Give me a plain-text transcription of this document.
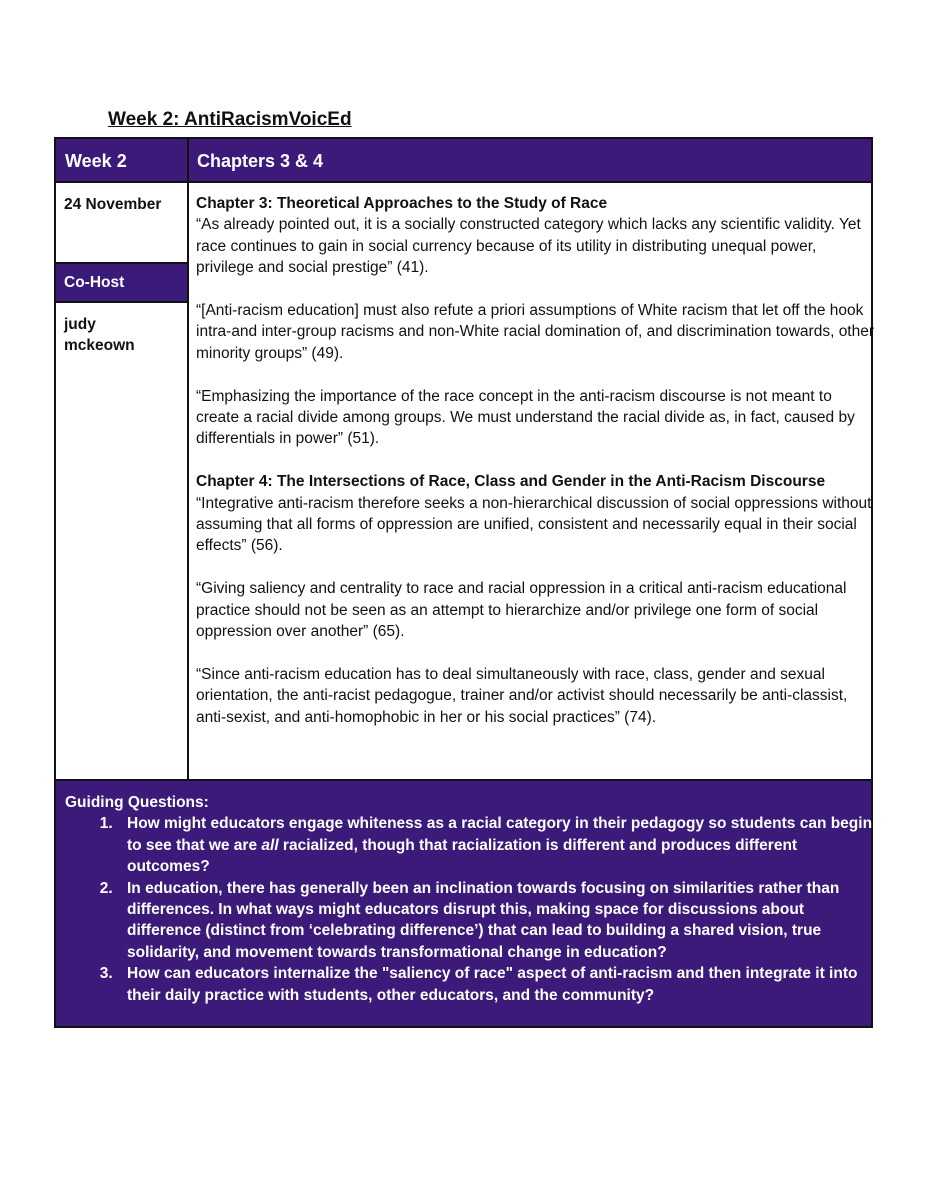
Week 2: AntiRacismVoicEd
Week 2	Chapters 3 & 4
24 November
Co-Host
judy mckeown

Chapter 3: Theoretical Approaches to the Study of Race

“As already pointed out, it is a socially constructed category which lacks any scientific validity. Yet race continues to gain in social currency because of its utility in distributing unequal power, privilege and social prestige” (41).

“[Anti-racism education] must also refute a priori assumptions of White racism that let off the hook intra-and inter-group racisms and non-White racial domination of, and discrimination towards, other minority groups” (49).

“Emphasizing the importance of the race concept in the anti-racism discourse is not meant to create a racial divide among groups. We must understand the racial divide as, in fact, caused by differentials in power” (51).

Chapter 4: The Intersections of Race, Class and Gender in the Anti-Racism Discourse

“Integrative anti-racism therefore seeks a non-hierarchical discussion of social oppressions without assuming that all forms of oppression are unified, consistent and necessarily equal in their social effects” (56).

“Giving saliency and centrality to race and racial oppression in a critical anti-racism educational practice should not be seen as an attempt to hierarchize and/or privilege one form of social oppression over another” (65).

“Since anti-racism education has to deal simultaneously with race, class, gender and sexual orientation, the anti-racist pedagogue, trainer and/or activist should necessarily be anti-classist, anti-sexist, and anti-homophobic in her or his social practices” (74).

Guiding Questions:
1. How might educators engage whiteness as a racial category in their pedagogy so students can begin to see that we are all racialized, though that racialization is different and produces different outcomes?
2. In education, there has generally been an inclination towards focusing on similarities rather than differences. In what ways might educators disrupt this, making space for discussions about difference (distinct from ‘celebrating difference’) that can lead to building a shared vision, true solidarity, and movement towards transformational change in education?
3. How can educators internalize the "saliency of race" aspect of anti-racism and then integrate it into their daily practice with students, other educators, and the community?
